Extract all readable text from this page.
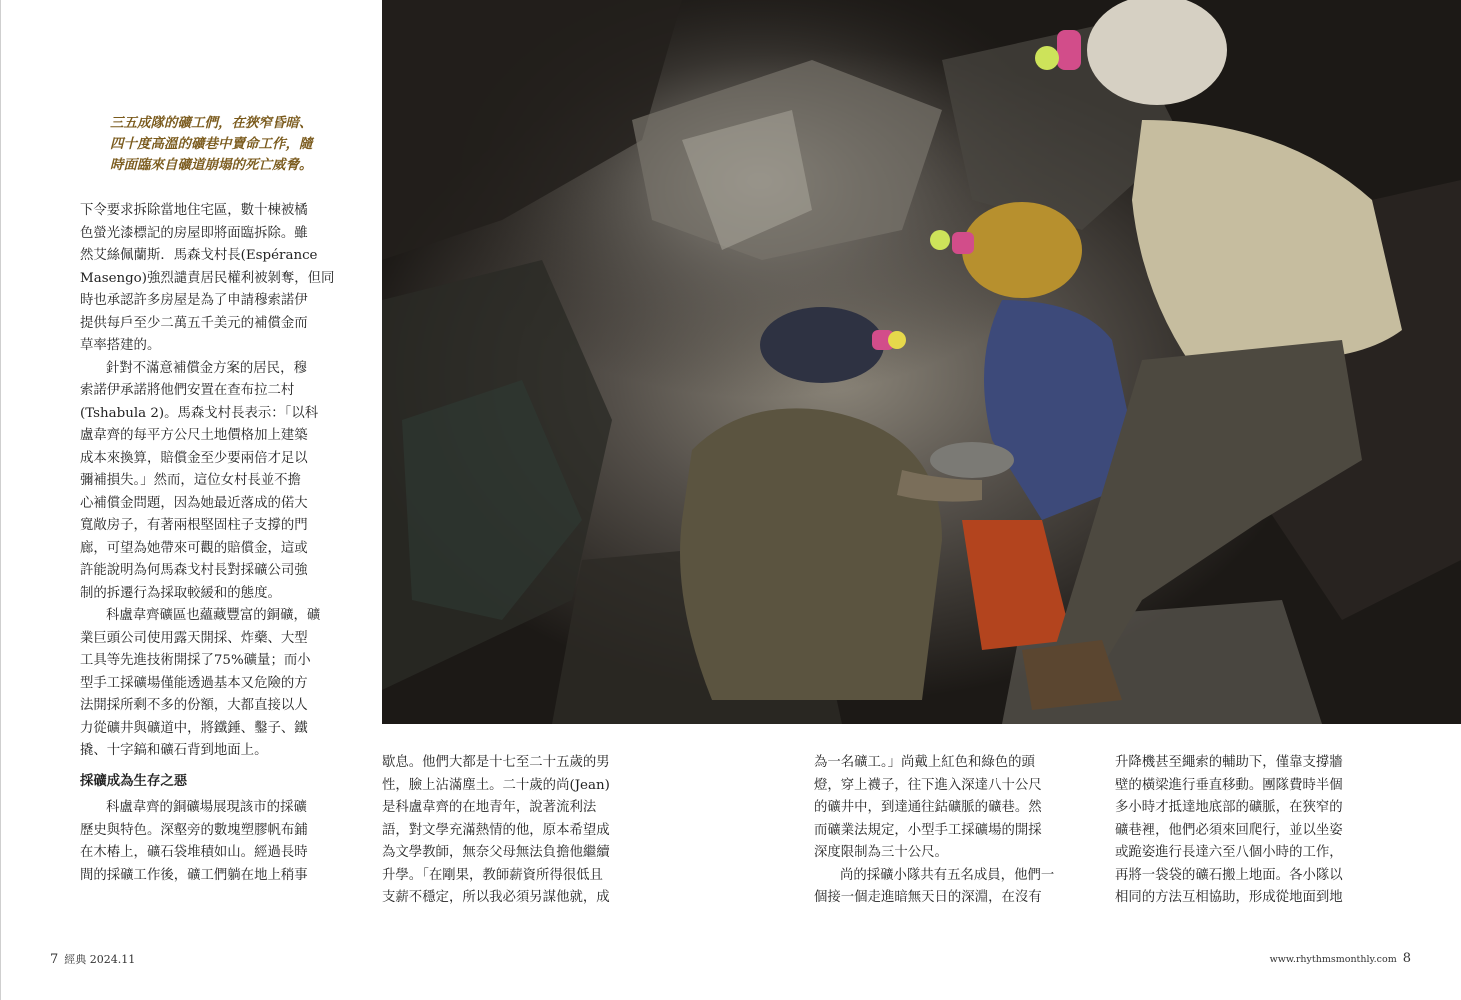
三五成隊的礦工們，在狹窄昏暗、
四十度高溫的礦巷中賣命工作，隨
時面臨來自礦道崩塌的死亡威脅。
下令要求拆除當地住宅區，數十棟被橘
色螢光漆標記的房屋即將面臨拆除。雖
然艾絲佩蘭斯．馬森戈村長(Espérance
Masengo)強烈譴責居民權利被剝奪，但同
時也承認許多房屋是為了申請穆索諾伊
提供每戶至少二萬五千美元的補償金而
草率搭建的。
針對不滿意補償金方案的居民，穆
索諾伊承諾將他們安置在查布拉二村
(Tshabula 2)。馬森戈村長表示：「以科
盧韋齊的每平方公尺土地價格加上建築
成本來換算，賠償金至少要兩倍才足以
彌補損失。」然而，這位女村長並不擔
心補償金問題，因為她最近落成的偌大
寬敞房子，有著兩根堅固柱子支撐的門
廊，可望為她帶來可觀的賠償金，這或
許能說明為何馬森戈村長對採礦公司強
制的拆遷行為採取較緩和的態度。
科盧韋齊礦區也蘊藏豐富的銅礦，礦
業巨頭公司使用露天開採、炸藥、大型
工具等先進技術開採了75%礦量；而小
型手工採礦場僅能透過基本又危險的方
法開採所剩不多的份額，大都直接以人
力從礦井與礦道中，將鐵錘、鑿子、鐵
撬、十字鎬和礦石背到地面上。
採礦成為生存之惡
科盧韋齊的銅礦場展現該市的採礦
歷史與特色。深壑旁的數塊塑膠帆布鋪
在木樁上，礦石袋堆積如山。經過長時
間的採礦工作後，礦工們躺在地上稍事
歇息。他們大都是十七至二十五歲的男
性，臉上沾滿塵土。二十歲的尚(Jean)
是科盧韋齊的在地青年，說著流利法
語，對文學充滿熱情的他，原本希望成
為文學教師，無奈父母無法負擔他繼續
升學。「在剛果，教師薪資所得很低且
支薪不穩定，所以我必須另謀他就，成
為一名礦工。」尚戴上紅色和綠色的頭
燈，穿上襪子，往下進入深達八十公尺
的礦井中，到達通往鈷礦脈的礦巷。然
而礦業法規定，小型手工採礦場的開採
深度限制為三十公尺。
尚的採礦小隊共有五名成員，他們一
個接一個走進暗無天日的深淵，在沒有
升降機甚至繩索的輔助下，僅靠支撐牆
壁的橫梁進行垂直移動。團隊費時半個
多小時才抵達地底部的礦脈，在狹窄的
礦巷裡，他們必須來回爬行，並以坐姿
或跪姿進行長達六至八個小時的工作，
再將一袋袋的礦石搬上地面。各小隊以
相同的方法互相協助，形成從地面到地
7 經典 2024.11	www.rhythmsmonthly.com 8
